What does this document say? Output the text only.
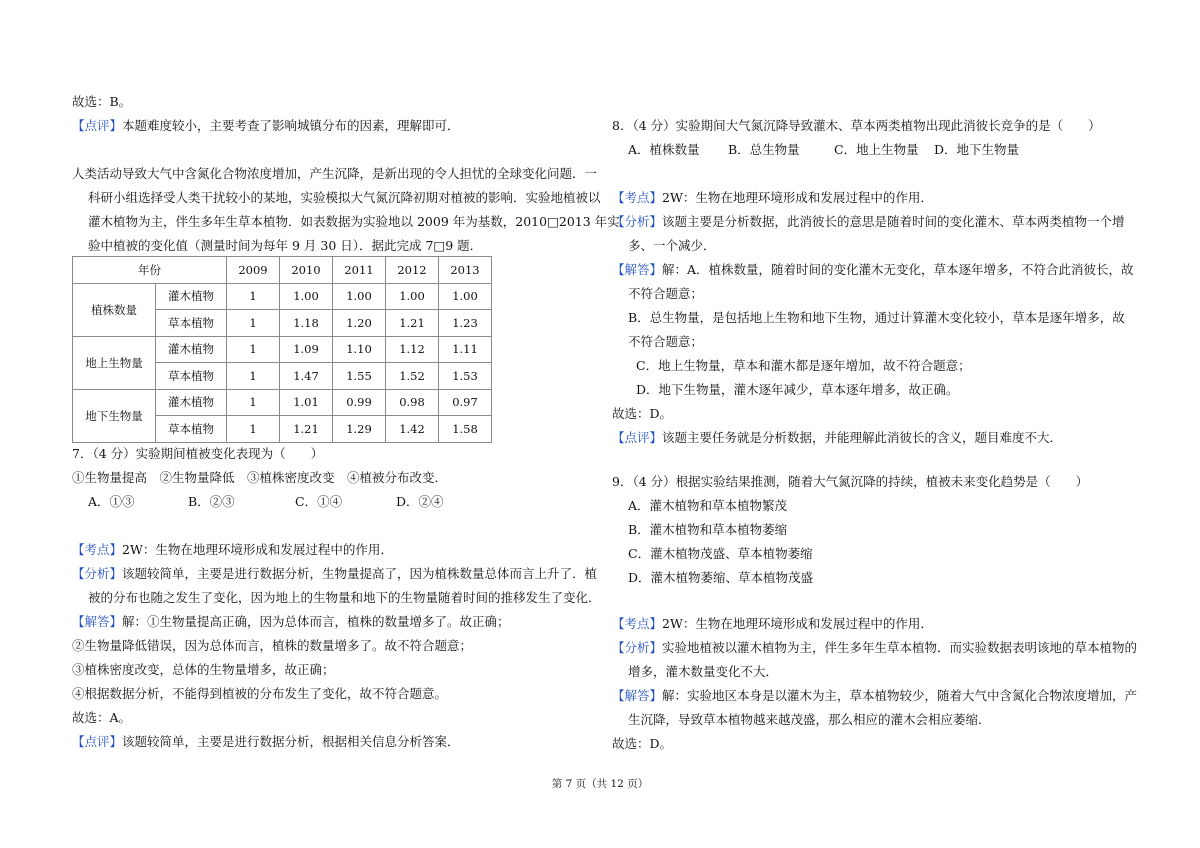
故选：B。
【点评】本题难度较小，主要考查了影响城镇分布的因素，理解即可．
人类活动导致大气中含氮化合物浓度增加，产生沉降，是新出现的令人担忧的全球变化问题．一
科研小组选择受人类干扰较小的某地，实验模拟大气氮沉降初期对植被的影响．实验地植被以
灌木植物为主，伴生多年生草本植物．如表数据为实验地以 2009 年为基数，2010□2013 年实
验中植被的变化值（测量时间为每年 9 月 30 日）．据此完成 7□9 题．
年份		2009	2010	2011	2012	2013
植株数量	灌木植物	1	1.00	1.00	1.00	1.00
	草本植物	1	1.18	1.20	1.21	1.23
地上生物量	灌木植物	1	1.09	1.10	1.12	1.11
	草本植物	1	1.47	1.55	1.52	1.53
地下生物量	灌木植物	1	1.01	0.99	0.98	0.97
	草本植物	1	1.21	1.29	1.42	1.58
7．（4 分）实验期间植被变化表现为（　　）
①生物量提高　②生物量降低　③植株密度改变　④植被分布改变．
A．①③	B．②③	C．①④	D．②④
【考点】2W：生物在地理环境形成和发展过程中的作用．
【分析】该题较简单，主要是进行数据分析，生物量提高了，因为植株数量总体而言上升了．植
被的分布也随之发生了变化，因为地上的生物量和地下的生物量随着时间的推移发生了变化．
【解答】解：①生物量提高正确，因为总体而言，植株的数量增多了。故正确；
②生物量降低错误，因为总体而言，植株的数量增多了。故不符合题意；
③植株密度改变，总体的生物量增多，故正确；
④根据数据分析，不能得到植被的分布发生了变化，故不符合题意。
故选：A。
【点评】该题较简单，主要是进行数据分析，根据相关信息分析答案．
8．（4 分）实验期间大气氮沉降导致灌木、草本两类植物出现此消彼长竞争的是（　　）
A．植株数量 B．总生物量	C．地上生物量 D．地下生物量
【考点】2W：生物在地理环境形成和发展过程中的作用．
【分析】该题主要是分析数据，此消彼长的意思是随着时间的变化灌木、草本两类植物一个增
多、一个减少．
【解答】解：A．植株数量，随着时间的变化灌木无变化，草本逐年增多，不符合此消彼长，故
不符合题意；
B．总生物量，是包括地上生物和地下生物，通过计算灌木变化较小，草本是逐年增多，故
不符合题意；
C．地上生物量，草本和灌木都是逐年增加，故不符合题意；
D．地下生物量，灌木逐年减少，草本逐年增多，故正确。
故选：D。
【点评】该题主要任务就是分析数据，并能理解此消彼长的含义，题目难度不大．
9．（4 分）根据实验结果推测，随着大气氮沉降的持续，植被未来变化趋势是（　　）
A．灌木植物和草本植物繁茂
B．灌木植物和草本植物萎缩
C．灌木植物茂盛、草本植物萎缩
D．灌木植物萎缩、草本植物茂盛
【考点】2W：生物在地理环境形成和发展过程中的作用．
【分析】实验地植被以灌木植物为主，伴生多年生草本植物．而实验数据表明该地的草本植物的
增多，灌木数量变化不大．
【解答】解：实验地区本身是以灌木为主，草本植物较少，随着大气中含氮化合物浓度增加，产
生沉降，导致草本植物越来越茂盛，那么相应的灌木会相应萎缩．
故选：D。
第 7 页（共 12 页）
